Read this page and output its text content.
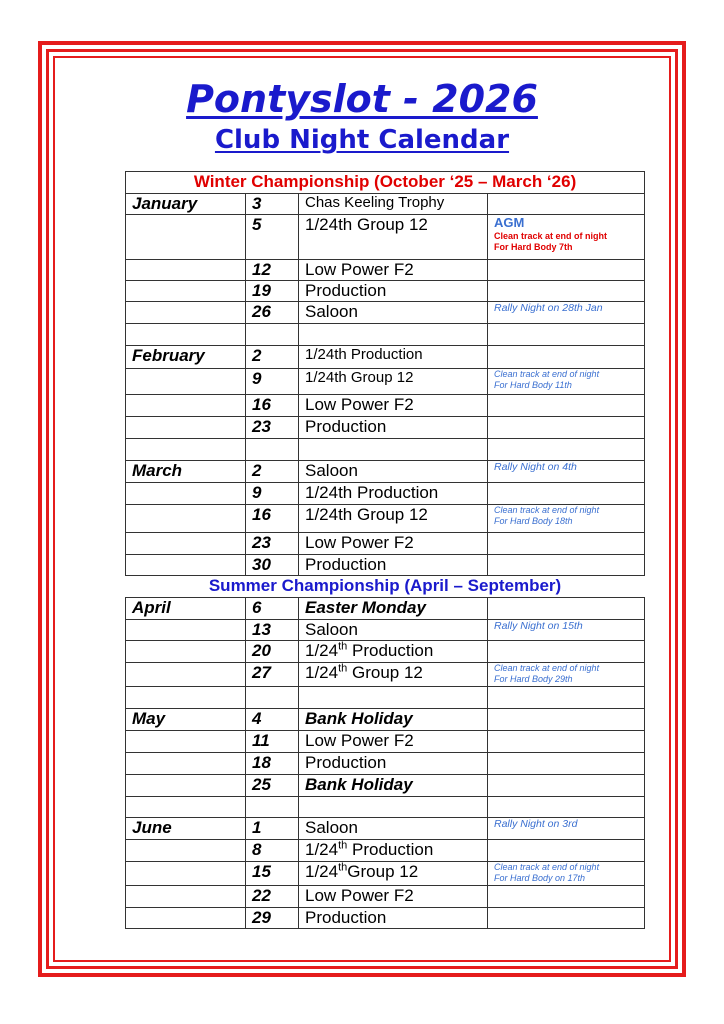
Pontyslot - 2026
Club Night Calendar
Winter Championship (October ‘25 – March ‘26)			
January	3	Chas Keeling Trophy	
	5	1/24th Group 12	AGM
Clean track at end of night
For Hard Body 7th

	12	Low Power F2	
	19	Production	
	26	Saloon	Rally Night on 28th Jan

February	2	1/24th Production	
	9	1/24th Group 12	Clean track at end of night
For Hard Body 11th

	16	Low Power F2	
	23	Production	

March	2	Saloon	Rally Night on 4th

	9	1/24th Production	
	16	1/24th Group 12	Clean track at end of night
For Hard Body 18th

	23	Low Power F2	
	30	Production	
Summer Championship (April – September)			
April	6	Easter Monday	
	13	Saloon	Rally Night on 15th

	20	1/24th Production	
	27	1/24th Group 12	Clean track at end of night
For Hard Body 29th

May	4	Bank Holiday	
	11	Low Power F2	
	18	Production	
	25	Bank Holiday	

June	1	Saloon	Rally Night on 3rd

	8	1/24th Production	
	15	1/24thGroup 12	Clean track at end of night
For Hard Body on 17th

	22	Low Power F2	
	29	Production	
